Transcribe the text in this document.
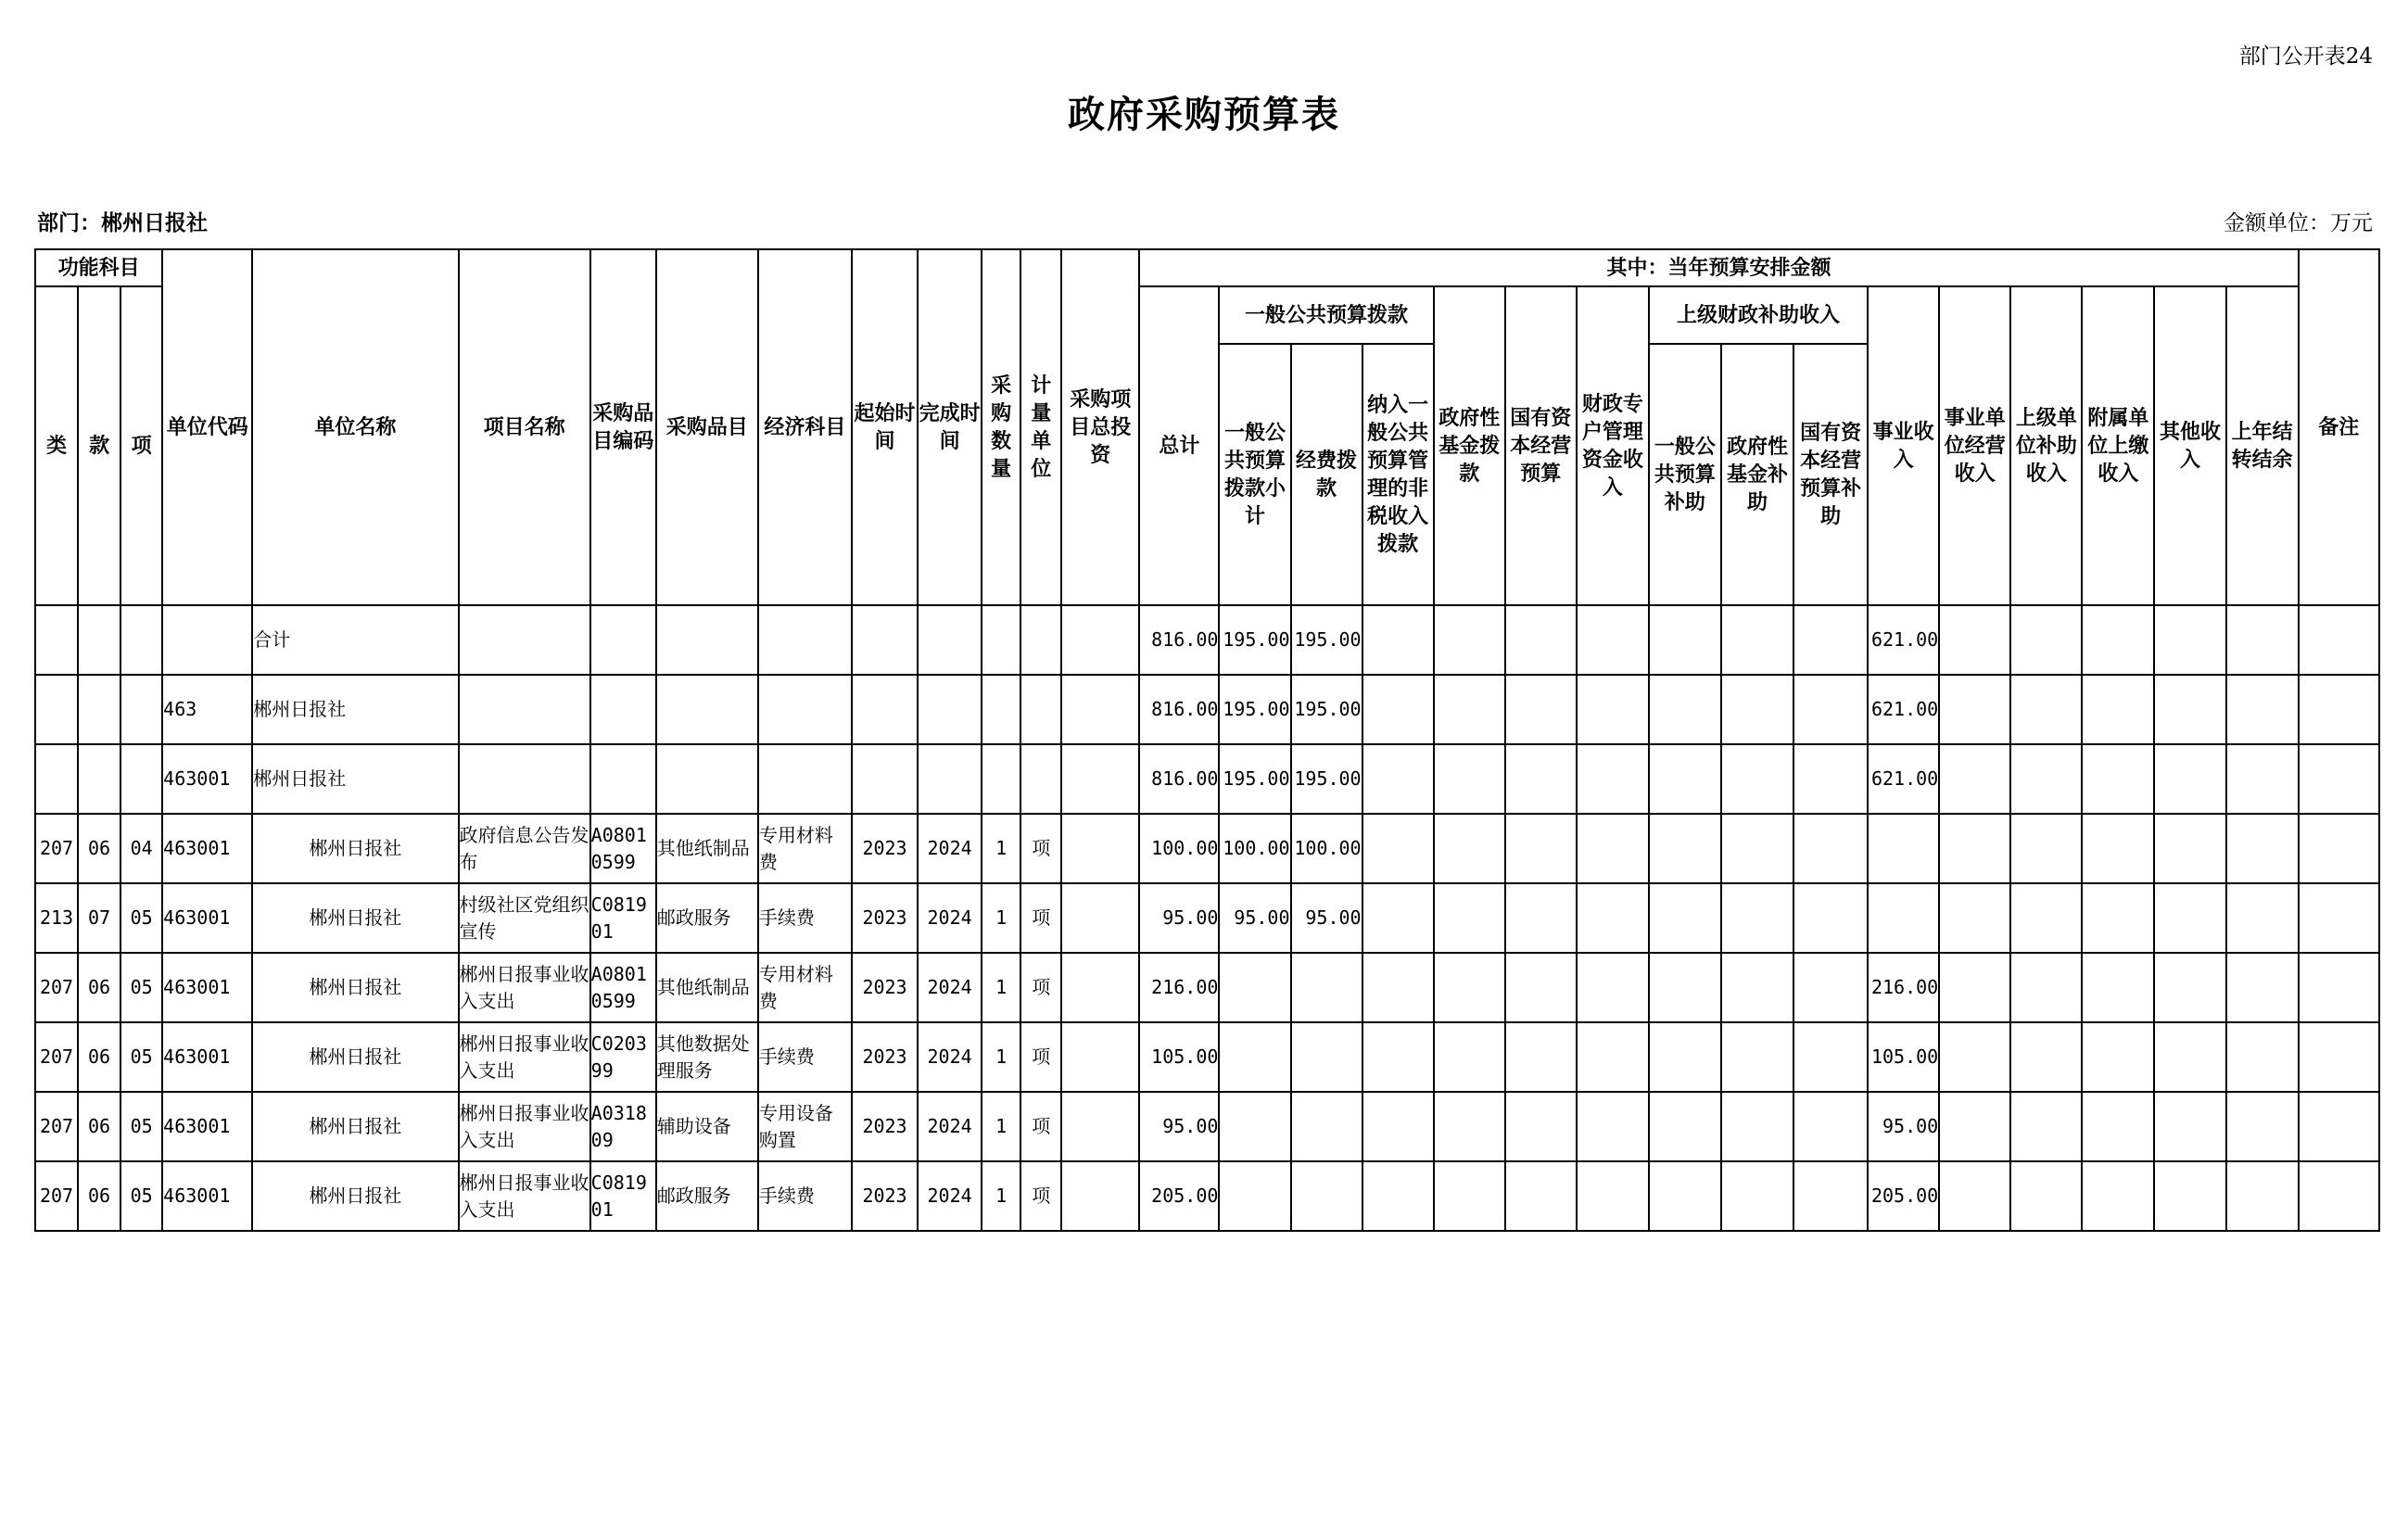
部门公开表24
政府采购预算表
部门：郴州日报社	金额单位：万元
功能科目			单位代码	单位名称	项目名称	采购品目编码	采购品目	经济科目	起始时间	完成时间	采购数量	计量单位	采购项目总投资	其中：当年预算安排金额																备注
类	款	项												总计	一般公共预算拨款			政府性基金拨款	国有资本经营预算	财政专户管理资金收入	上级财政补助收入			事业收入	事业单位经营收入	上级单位补助收入	附属单位上缴收入	其他收入	上年结转结余	
															一般公共预算拨款小计	经费拨款	纳入一般公共预算管理的非税收入拨款				一般公共预算补助	政府性基金补助	国有资本经营预算补助							
				合计										816.00	195.00	195.00								621.00						
			463	郴州日报社										816.00	195.00	195.00								621.00						
			463001	郴州日报社										816.00	195.00	195.00								621.00						
207	06	04	463001	郴州日报社	政府信息公告发布	A08010599	其他纸制品	专用材料费	2023	2024	1	项		100.00	100.00	100.00														
213	07	05	463001	郴州日报社	村级社区党组织宣传	C081901	邮政服务	手续费	2023	2024	1	项		95.00	95.00	95.00														
207	06	05	463001	郴州日报社	郴州日报事业收入支出	A08010599	其他纸制品	专用材料费	2023	2024	1	项		216.00										216.00						
207	06	05	463001	郴州日报社	郴州日报事业收入支出	C020399	其他数据处理服务	手续费	2023	2024	1	项		105.00										105.00						
207	06	05	463001	郴州日报社	郴州日报事业收入支出	A031809	辅助设备	专用设备购置	2023	2024	1	项		95.00										95.00						
207	06	05	463001	郴州日报社	郴州日报事业收入支出	C081901	邮政服务	手续费	2023	2024	1	项		205.00										205.00						
